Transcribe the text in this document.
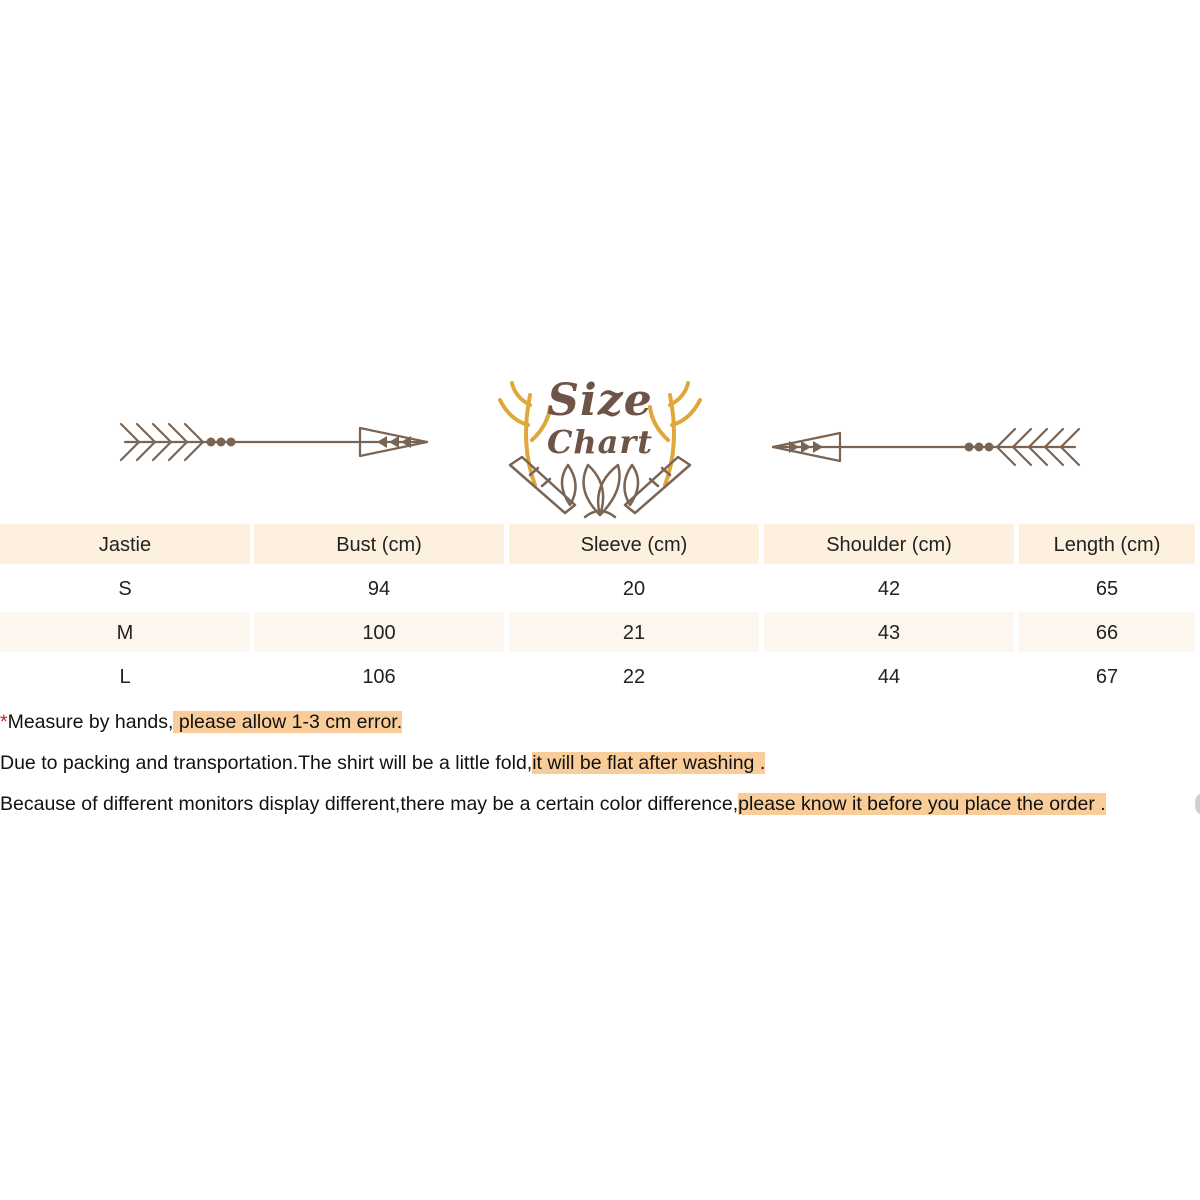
Size
Chart
Jastie	Bust (cm)	Sleeve (cm)	Shoulder (cm)	Length (cm)
S	94	20	42	65
M	100	21	43	66
L	106	22	44	67
*Measure by hands, please allow 1-3 cm error.
Due to packing and transportation.The shirt will be a little fold,it will be flat after washing .
Because of different monitors display different,there may be a certain color difference,please know it before you place the order .
